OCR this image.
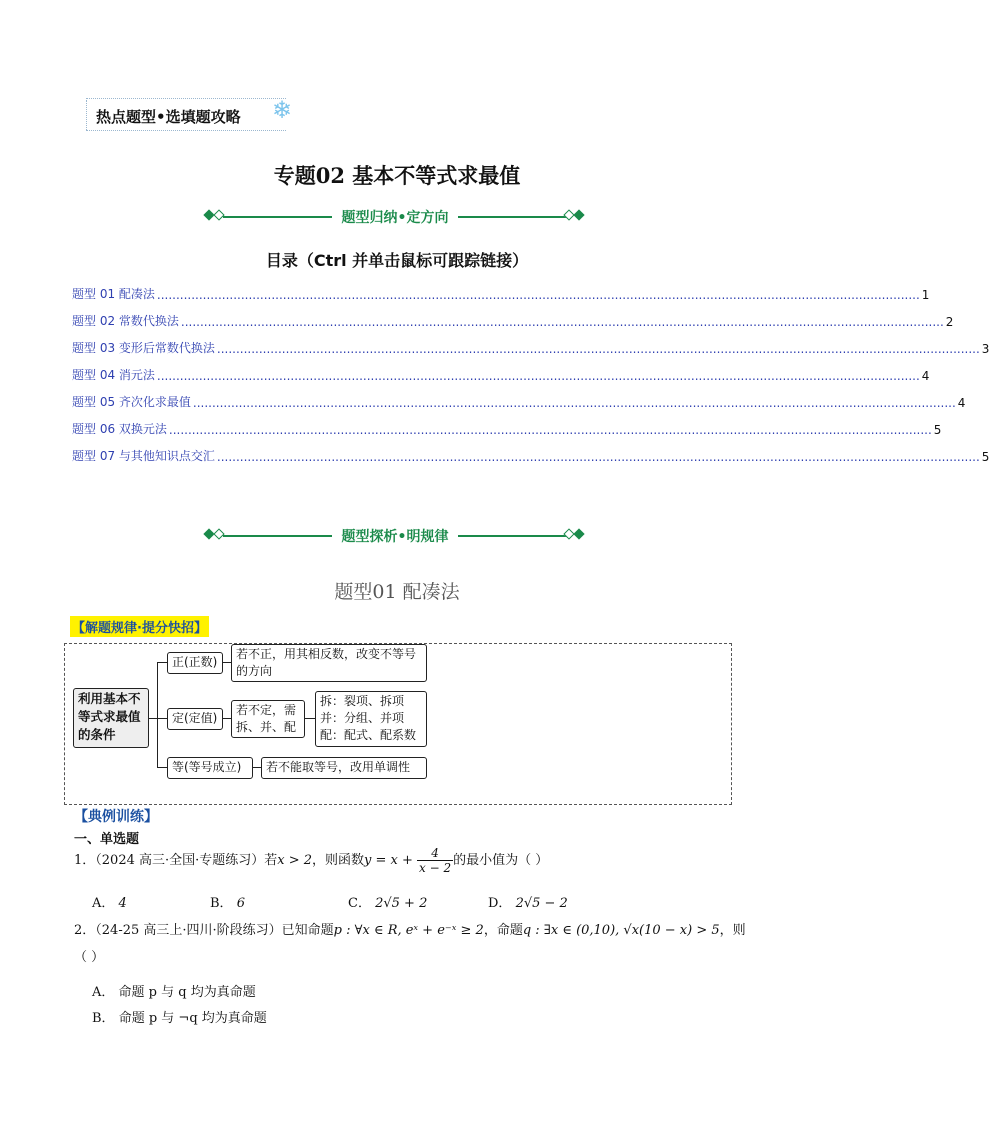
热点题型•选填题攻略 ❄
专题02 基本不等式求最值
题型归纳•定方向
目录（Ctrl 并单击鼠标可跟踪链接）
题型 01 配凑法 ........................................................................................................................................................................................................ 1
题型 02 常数代换法 ........................................................................................................................................................................................................ 2
题型 03 变形后常数代换法 ........................................................................................................................................................................................................ 3
题型 04 消元法 ........................................................................................................................................................................................................ 4
题型 05 齐次化求最值 ........................................................................................................................................................................................................ 4
题型 06 双换元法 ........................................................................................................................................................................................................ 5
题型 07 与其他知识点交汇 ........................................................................................................................................................................................................ 5
题型探析•明规律
题型01 配凑法
【解题规律·提分快招】
利用基本不等式求最值的条件
正(正数)
若不正，用其相反数，改变不等号的方向
定(定值)
若不定，需拆、并、配
拆：裂项、拆项
并：分组、并项
配：配式、配系数
等(等号成立)	若不能取等号，改用单调性
【典例训练】
一、单选题
1．（2024 高三·全国·专题练习）若x > 2，则函数$y = x + \frac{4}{x - 2}$ 的最小值为（ ）
A． 4	B． 6	C． 2√5 + 2	D． 2√5 − 2
2．（24-25 高三上·四川·阶段练习）已知命题p : ∀x ∈ R, eˣ + e⁻ˣ ≥ 2，命题q : ∃x ∈ (0,10), √x(10 − x) > 5，则
（ ）
A． 命题 p 与 q 均为真命题
B． 命题 p 与 ¬q 均为真命题
